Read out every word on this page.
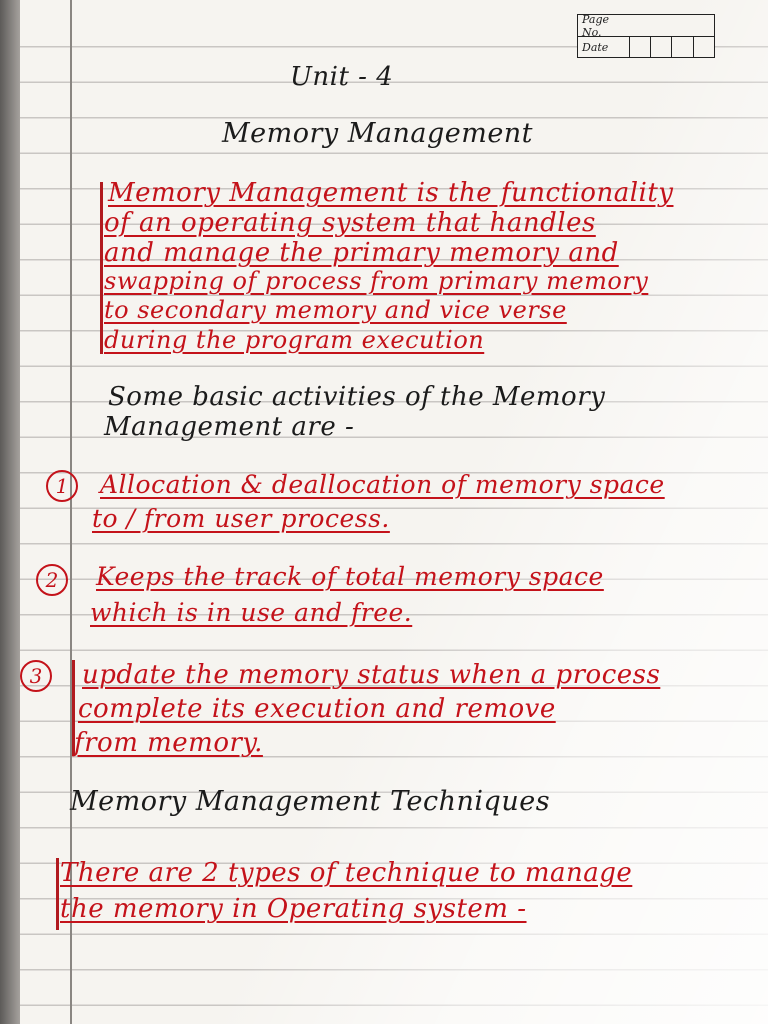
Page No.
Date
Unit - 4
Memory Management
Memory Management is the functionality
of an operating system that handles
and manage the primary memory and
swapping of process from primary memory
to secondary memory and vice verse
during the program execution
Some basic activities of the Memory
Management are -
1	Allocation & deallocation of memory space
to / from user process.
2	Keeps the track of total memory space
which is in use and free.
3	update the memory status when a process
complete its execution and remove
from memory.
Memory Management Techniques
There are 2 types of technique to manage
the memory in Operating system -
